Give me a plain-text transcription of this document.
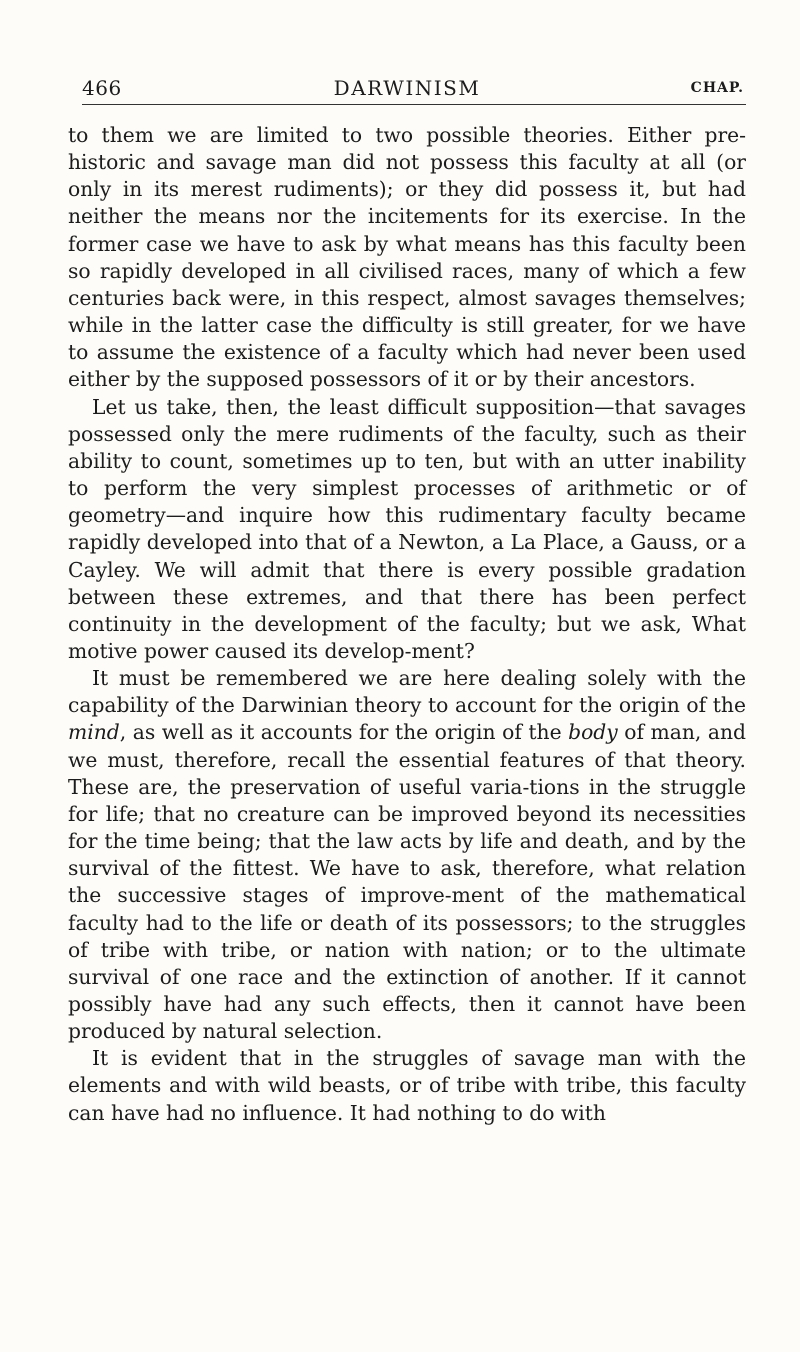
466	DARWINISM	CHAP.

to them we are limited to two possible theories. Either pre-historic and savage man did not possess this faculty at all (or only in its merest rudiments); or they did possess it, but had neither the means nor the incitements for its exercise. In the former case we have to ask by what means has this faculty been so rapidly developed in all civilised races, many of which a few centuries back were, in this respect, almost savages themselves; while in the latter case the difficulty is still greater, for we have to assume the existence of a faculty which had never been used either by the supposed possessors of it or by their ancestors.

Let us take, then, the least difficult supposition—that savages possessed only the mere rudiments of the faculty, such as their ability to count, sometimes up to ten, but with an utter inability to perform the very simplest processes of arithmetic or of geometry—and inquire how this rudimentary faculty became rapidly developed into that of a Newton, a La Place, a Gauss, or a Cayley. We will admit that there is every possible gradation between these extremes, and that there has been perfect continuity in the development of the faculty; but we ask, What motive power caused its develop-ment?

It must be remembered we are here dealing solely with the capability of the Darwinian theory to account for the origin of the mind, as well as it accounts for the origin of the body of man, and we must, therefore, recall the essential features of that theory. These are, the preservation of useful varia-tions in the struggle for life; that no creature can be improved beyond its necessities for the time being; that the law acts by life and death, and by the survival of the fittest. We have to ask, therefore, what relation the successive stages of improve-ment of the mathematical faculty had to the life or death of its possessors; to the struggles of tribe with tribe, or nation with nation; or to the ultimate survival of one race and the extinction of another. If it cannot possibly have had any such effects, then it cannot have been produced by natural selection.

It is evident that in the struggles of savage man with the elements and with wild beasts, or of tribe with tribe, this faculty can have had no influence. It had nothing to do with
